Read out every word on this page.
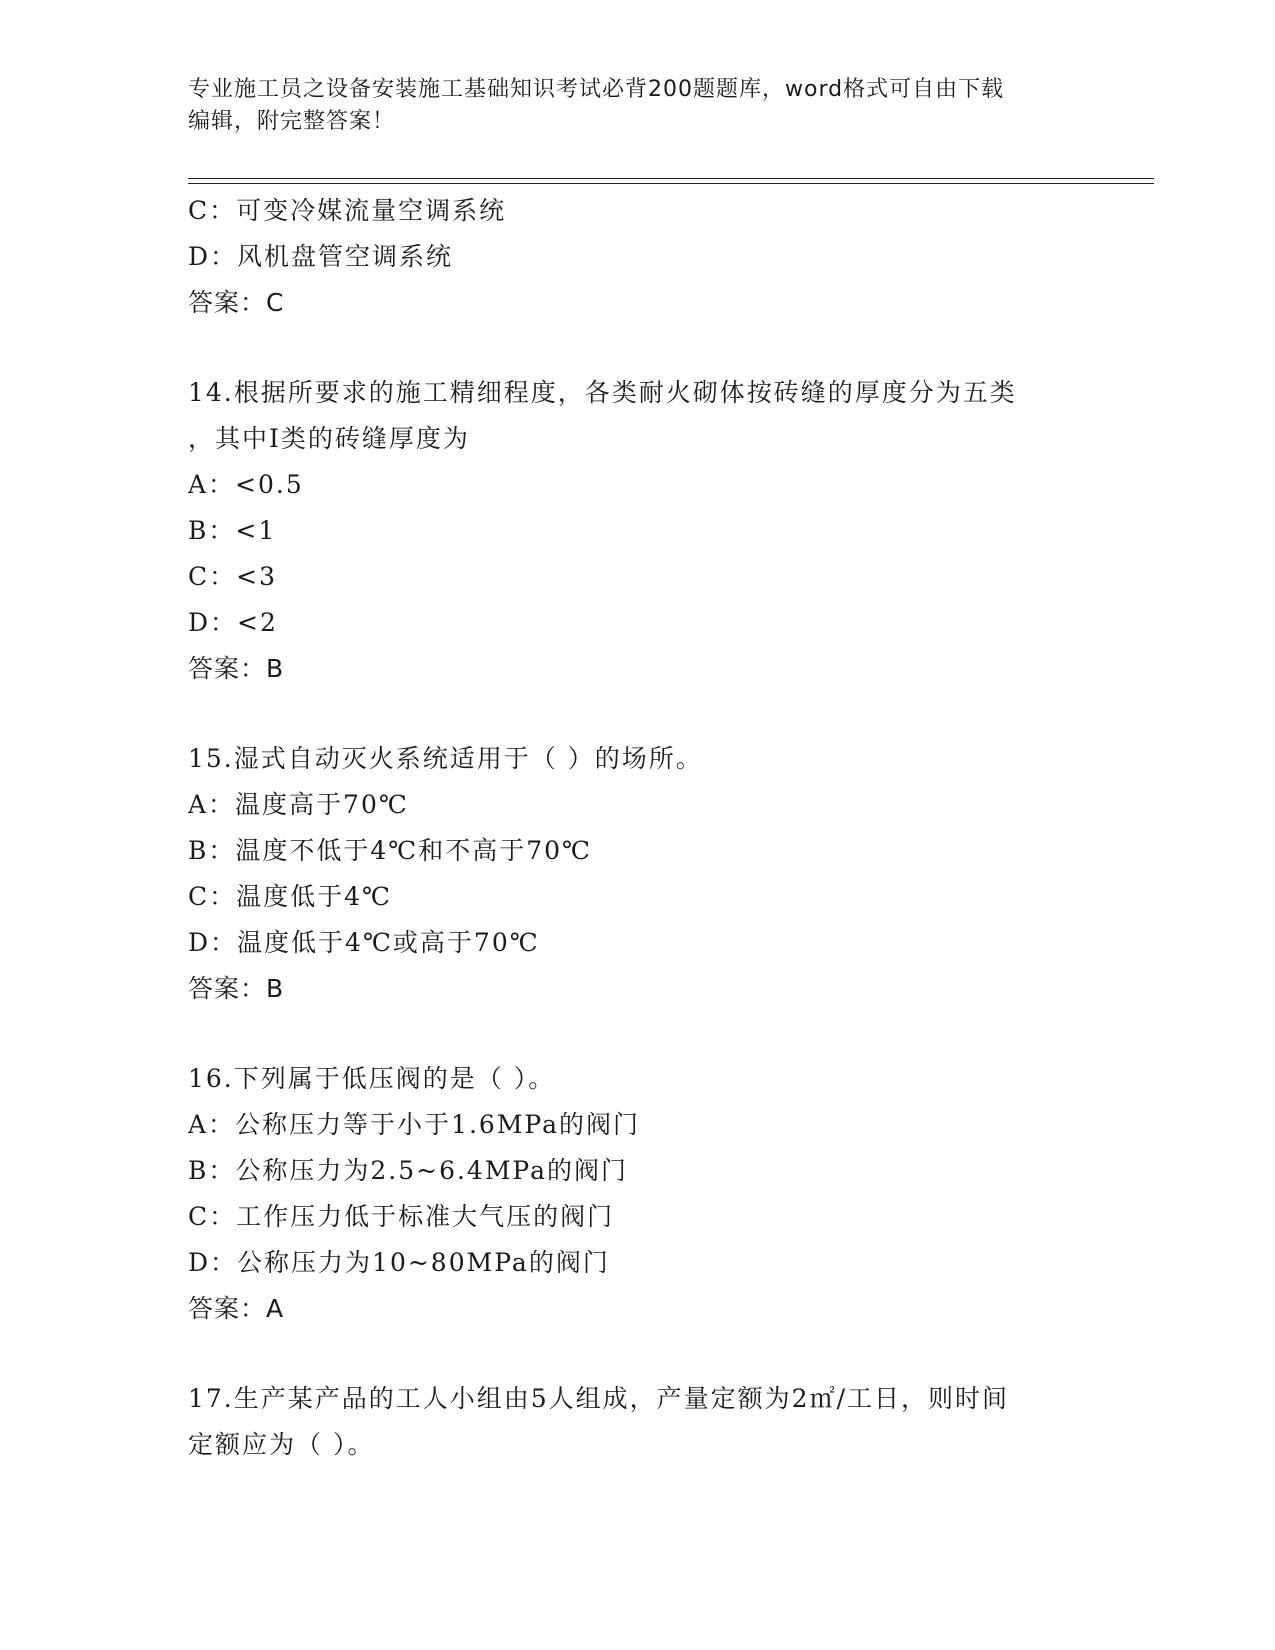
专业施工员之设备安装施工基础知识考试必背200题题库，word格式可自由下载
编辑，附完整答案！
C：可变冷媒流量空调系统
D：风机盘管空调系统
答案：C
14.根据所要求的施工精细程度，各类耐火砌体按砖缝的厚度分为五类
，其中Ⅰ类的砖缝厚度为
A：<0.5
B：<1
C：<3
D：<2
答案：B
15.湿式自动灭火系统适用于（ ）的场所。
A：温度高于70℃
B：温度不低于4℃和不高于70℃
C：温度低于4℃
D：温度低于4℃或高于70℃
答案：B
16.下列属于低压阀的是（ ）。
A：公称压力等于小于1.6MPa的阀门
B：公称压力为2.5~6.4MPa的阀门
C：工作压力低于标准大气压的阀门
D：公称压力为10~80MPa的阀门
答案：A
17.生产某产品的工人小组由5人组成，产量定额为2㎡/工日，则时间
定额应为（ ）。
